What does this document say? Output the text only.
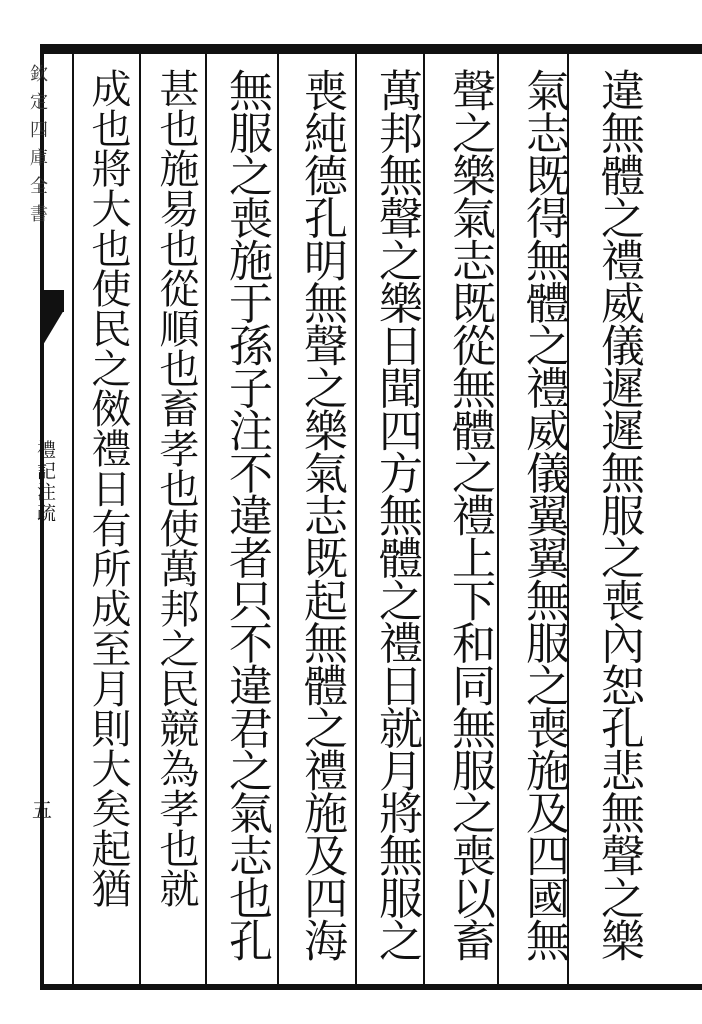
欽定四庫全書
禮記注疏
五	違無體之禮威儀遲遲無服之喪內恕孔悲無聲之樂
氣志既得無體之禮威儀翼翼無服之喪施及四國無
聲之樂氣志既從無體之禮上下和同無服之喪以畜
萬邦無聲之樂日聞四方無體之禮日就月將無服之
喪純德孔明無聲之樂氣志既起無體之禮施及四海
無服之喪施于孫子注不違者只不違君之氣志也孔
甚也施易也從順也畜孝也使萬邦之民競為孝也就
成也將大也使民之傚禮日有所成至月則大矣起猶
